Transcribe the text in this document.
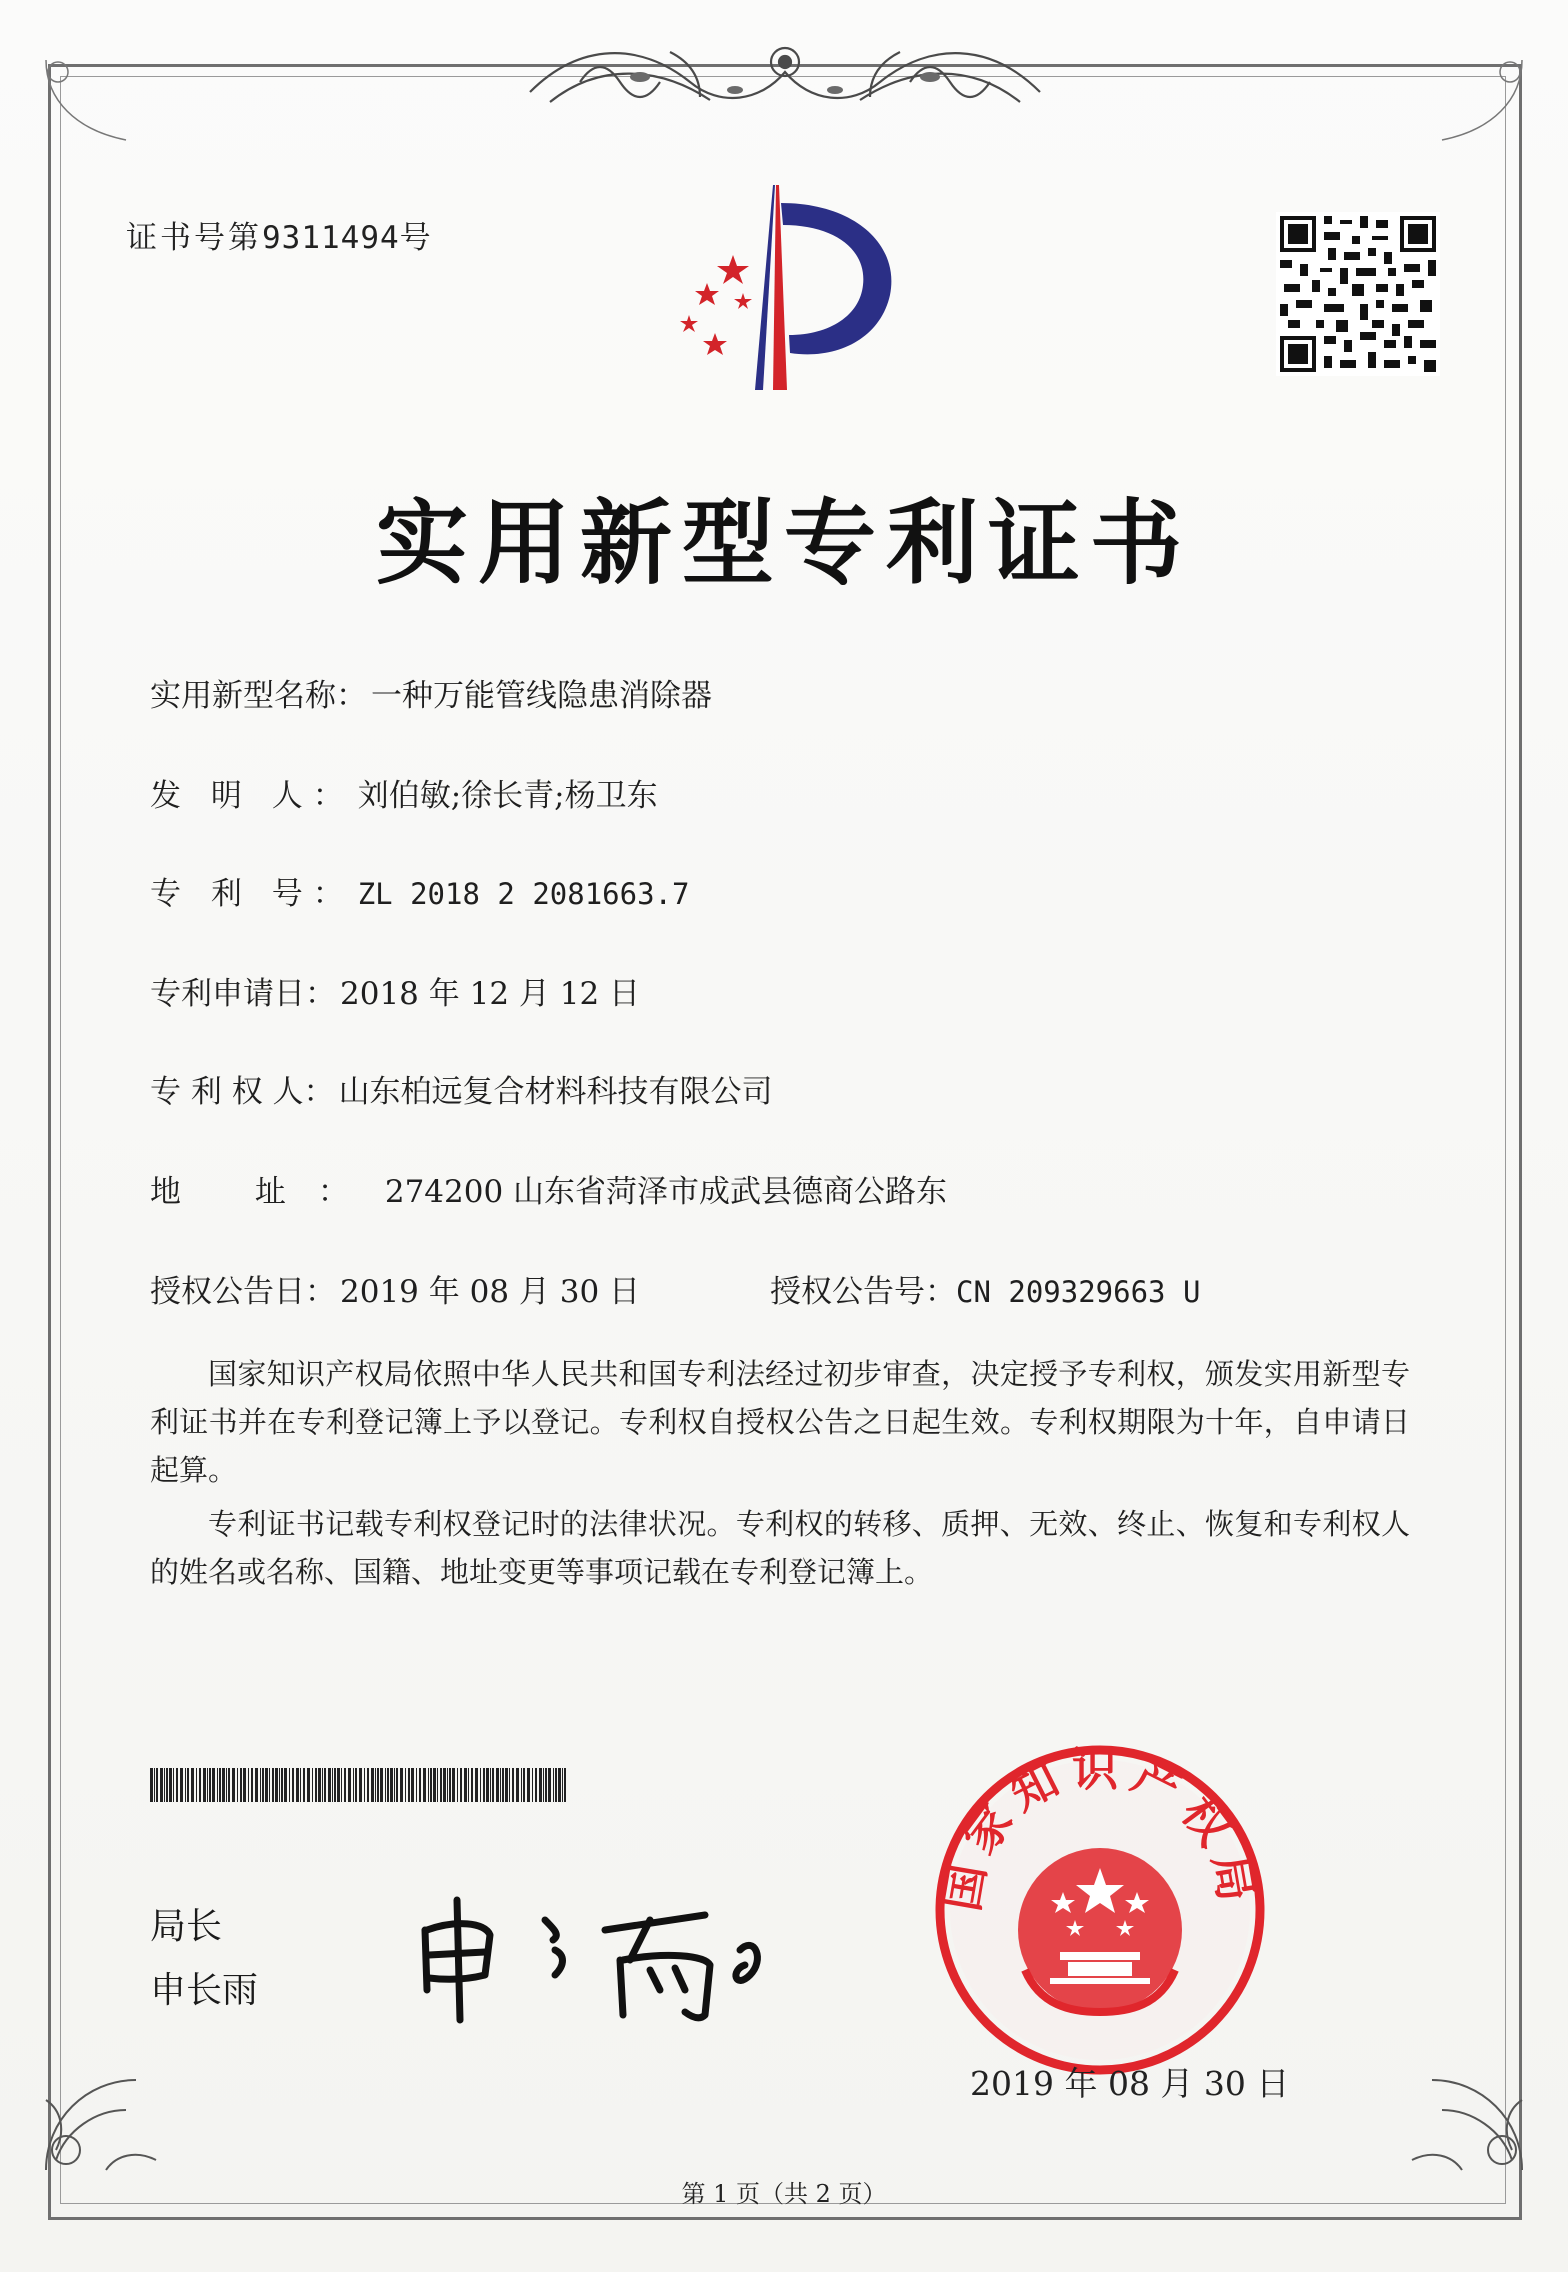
证书号第9311494号
实用新型专利证书
实用新型名称： 一种万能管线隐患消除器
发 明 人： 刘伯敏;徐长青;杨卫东
专 利 号： ZL 2018 2 2081663.7
专利申请日： 2018 年 12 月 12 日
专 利 权 人： 山东柏远复合材料科技有限公司
地 址： 274200 山东省菏泽市成武县德商公路东
授权公告日： 2019 年 08 月 30 日	授权公告号：CN 209329663 U
国家知识产权局依照中华人民共和国专利法经过初步审查，决定授予专利权，颁发实用新型专利证书并在专利登记簿上予以登记。专利权自授权公告之日起生效。专利权期限为十年，自申请日起算。
专利证书记载专利权登记时的法律状况。专利权的转移、质押、无效、终止、恢复和专利权人的姓名或名称、国籍、地址变更等事项记载在专利登记簿上。
局长
申长雨
国家知识产权局
2019 年 08 月 30 日
第 1 页（共 2 页）
